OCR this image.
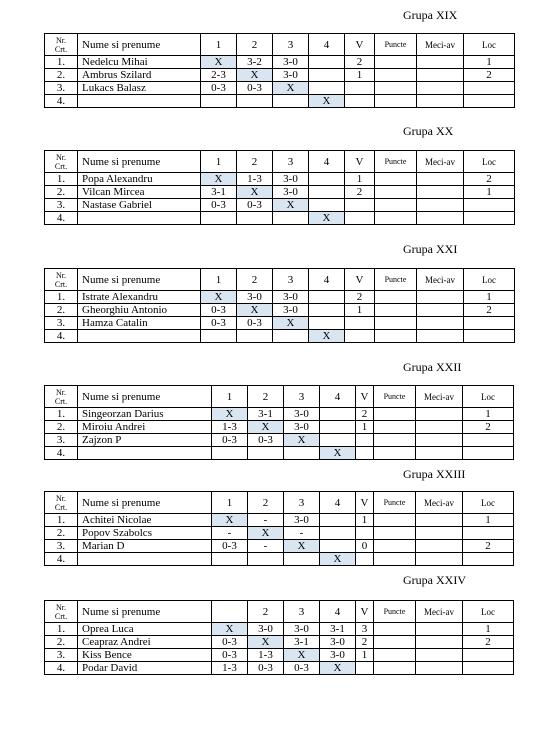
Grupa XIX
Nr.
Crt.	Nume si prenume	1	2	3	4	V	Puncte	Meci-av	Loc
1.	Nedelcu Mihai	X	3-2	3-0		2			1
2.	Ambrus Szilard	2-3	X	3-0		1			2
3.	Lukacs Balasz	0-3	0-3	X					
4.					X				
Grupa XX
Nr.
Crt.	Nume si prenume	1	2	3	4	V	Puncte	Meci-av	Loc
1.	Popa Alexandru	X	1-3	3-0		1			2
2.	Vilcan Mircea	3-1	X	3-0		2			1
3.	Nastase Gabriel	0-3	0-3	X					
4.					X				
Grupa XXI
Nr.
Crt.	Nume si prenume	1	2	3	4	V	Puncte	Meci-av	Loc
1.	Istrate Alexandru	X	3-0	3-0		2			1
2.	Gheorghiu Antonio	0-3	X	3-0		1			2
3.	Hamza Catalin	0-3	0-3	X					
4.					X				
Grupa XXII
Nr.
Crt.	Nume si prenume	1	2	3	4	V	Puncte	Meci-av	Loc
1.	Singeorzan Darius	X	3-1	3-0		2			1
2.	Miroiu Andrei	1-3	X	3-0		1			2
3.	Zajzon P	0-3	0-3	X					
4.					X				
Grupa XXIII
Nr.
Crt.	Nume si prenume	1	2	3	4	V	Puncte	Meci-av	Loc
1.	Achitei Nicolae	X	-	3-0		1			1
2.	Popov Szabolcs	-	X	-					
3.	Marian D	0-3	-	X		0			2
4.					X				
Grupa XXIV
Nr.
Crt.	Nume si prenume		2	3	4	V	Puncte	Meci-av	Loc
1.	Oprea Luca	X	3-0	3-0	3-1	3			1
2.	Ceapraz Andrei	0-3	X	3-1	3-0	2			2
3.	Kiss Bence	0-3	1-3	X	3-0	1			
4.	Podar David	1-3	0-3	0-3	X				
